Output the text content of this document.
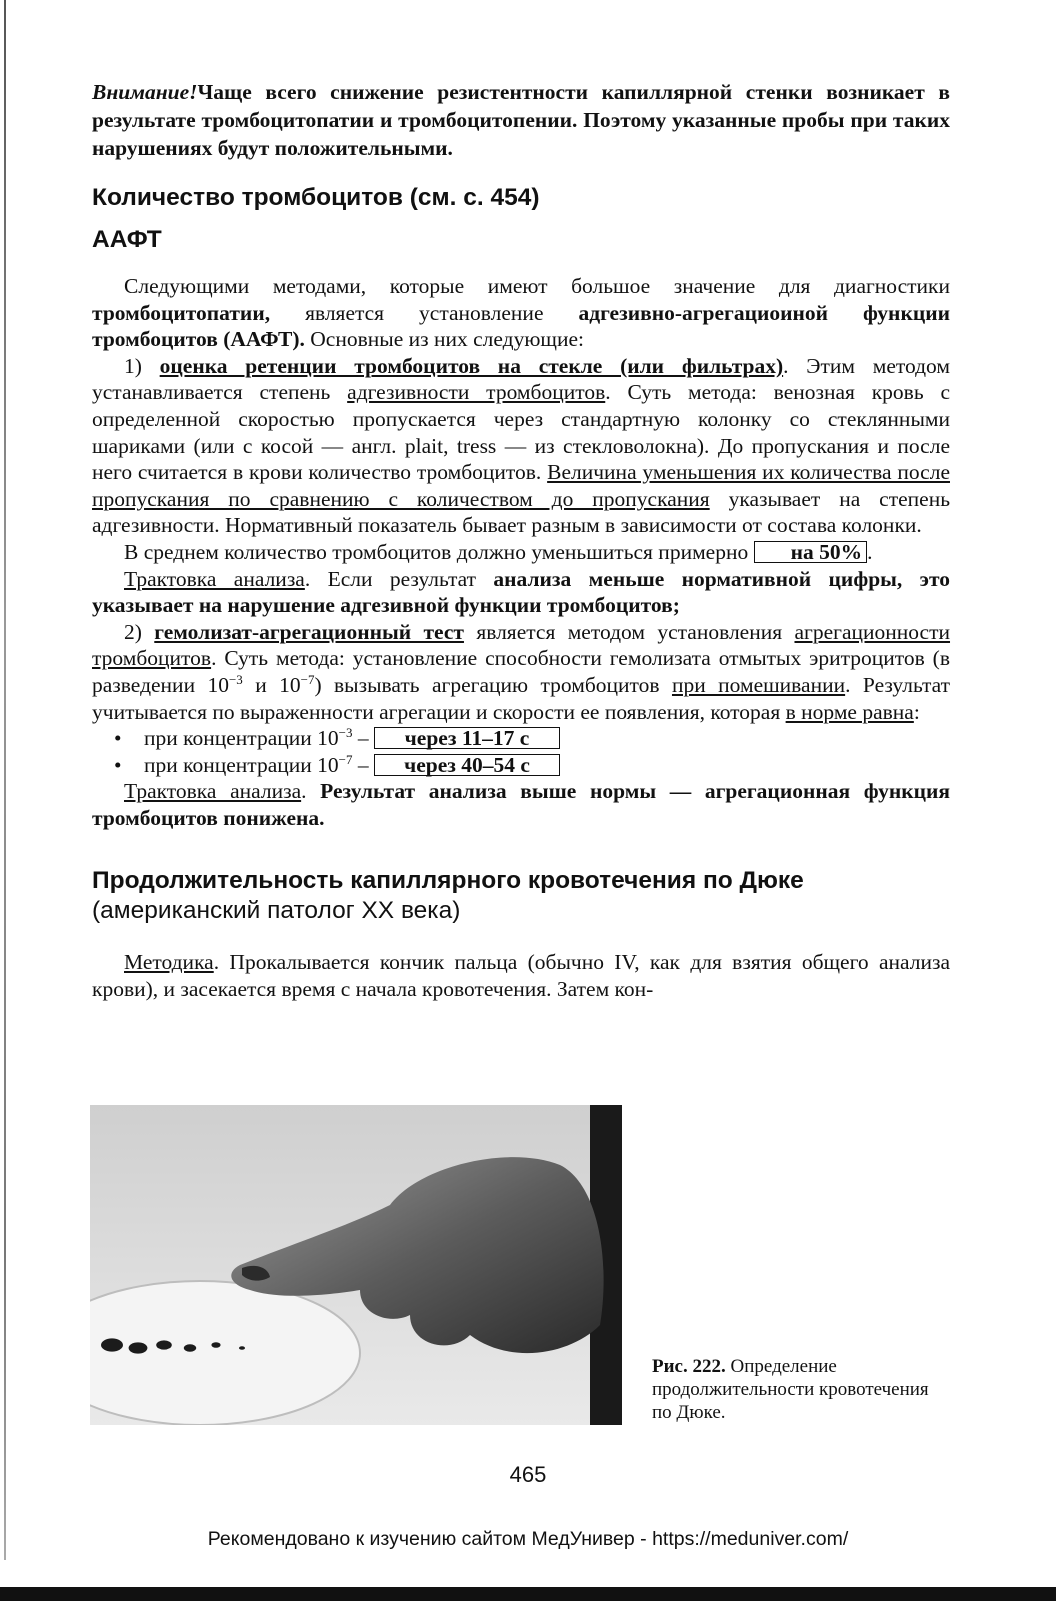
Внимание!Чаще всего снижение резистентности капиллярной стенки возникает в результате тромбоцитопатии и тромбоцитопении. Поэтому указанные пробы при таких нарушениях будут положительными.

Количество тромбоцитов (см. с. 454)
ААФТ

Следующими методами, которые имеют большое значение для диагностики тромбоцитопатии, является установление адгезивно-агрегациоиной функции тромбоцитов (ААФТ). Основные из них следующие:

1) оценка ретенции тромбоцитов на стекле (или фильтрах). Этим методом устанавливается степень адгезивности тромбоцитов. Суть метода: венозная кровь с определенной скоростью пропускается через стандартную колонку со стеклянными шариками (или с косой — англ. plait, tress — из стекловолокна). До пропускания и после него считается в крови количество тромбоцитов. Величина уменьшения их количества после пропускания по сравнению с количеством до пропускания указывает на степень адгезивности. Нормативный показатель бывает разным в зависимости от состава колонки.

В среднем количество тромбоцитов должно уменьшиться примерно на 50% .

Трактовка анализа. Если результат анализа меньше нормативной цифры, это указывает на нарушение адгезивной функции тромбоцитов;

2) гемолизат-агрегационный тест является методом установления агрегационности тромбоцитов. Суть метода: установление способности гемолизата отмытых эритроцитов (в разведении $10^{-3}$ и $10^{-7}$) вызывать агрегацию тромбоцитов при помешивании. Результат учитывается по выраженности агрегации и скорости ее появления, которая в норме равна:

• при концентрации $10^{-3}$ – через 11–17 с
• при концентрации $10^{-7}$ – через 40–54 с

Трактовка анализа. Результат анализа выше нормы — агрегационная функция тромбоцитов понижена.

Продолжительность капиллярного кровотечения по Дюке
(американский патолог XX века)

Методика. Прокалывается кончик пальца (обычно IV, как для взятия общего анализа крови), и засекается время с начала кровотечения. Затем кон-

Рис. 222. Определение продолжительности кровотечения по Дюке.

465
Рекомендовано к изучению сайтом МедУнивер - https://meduniver.com/
